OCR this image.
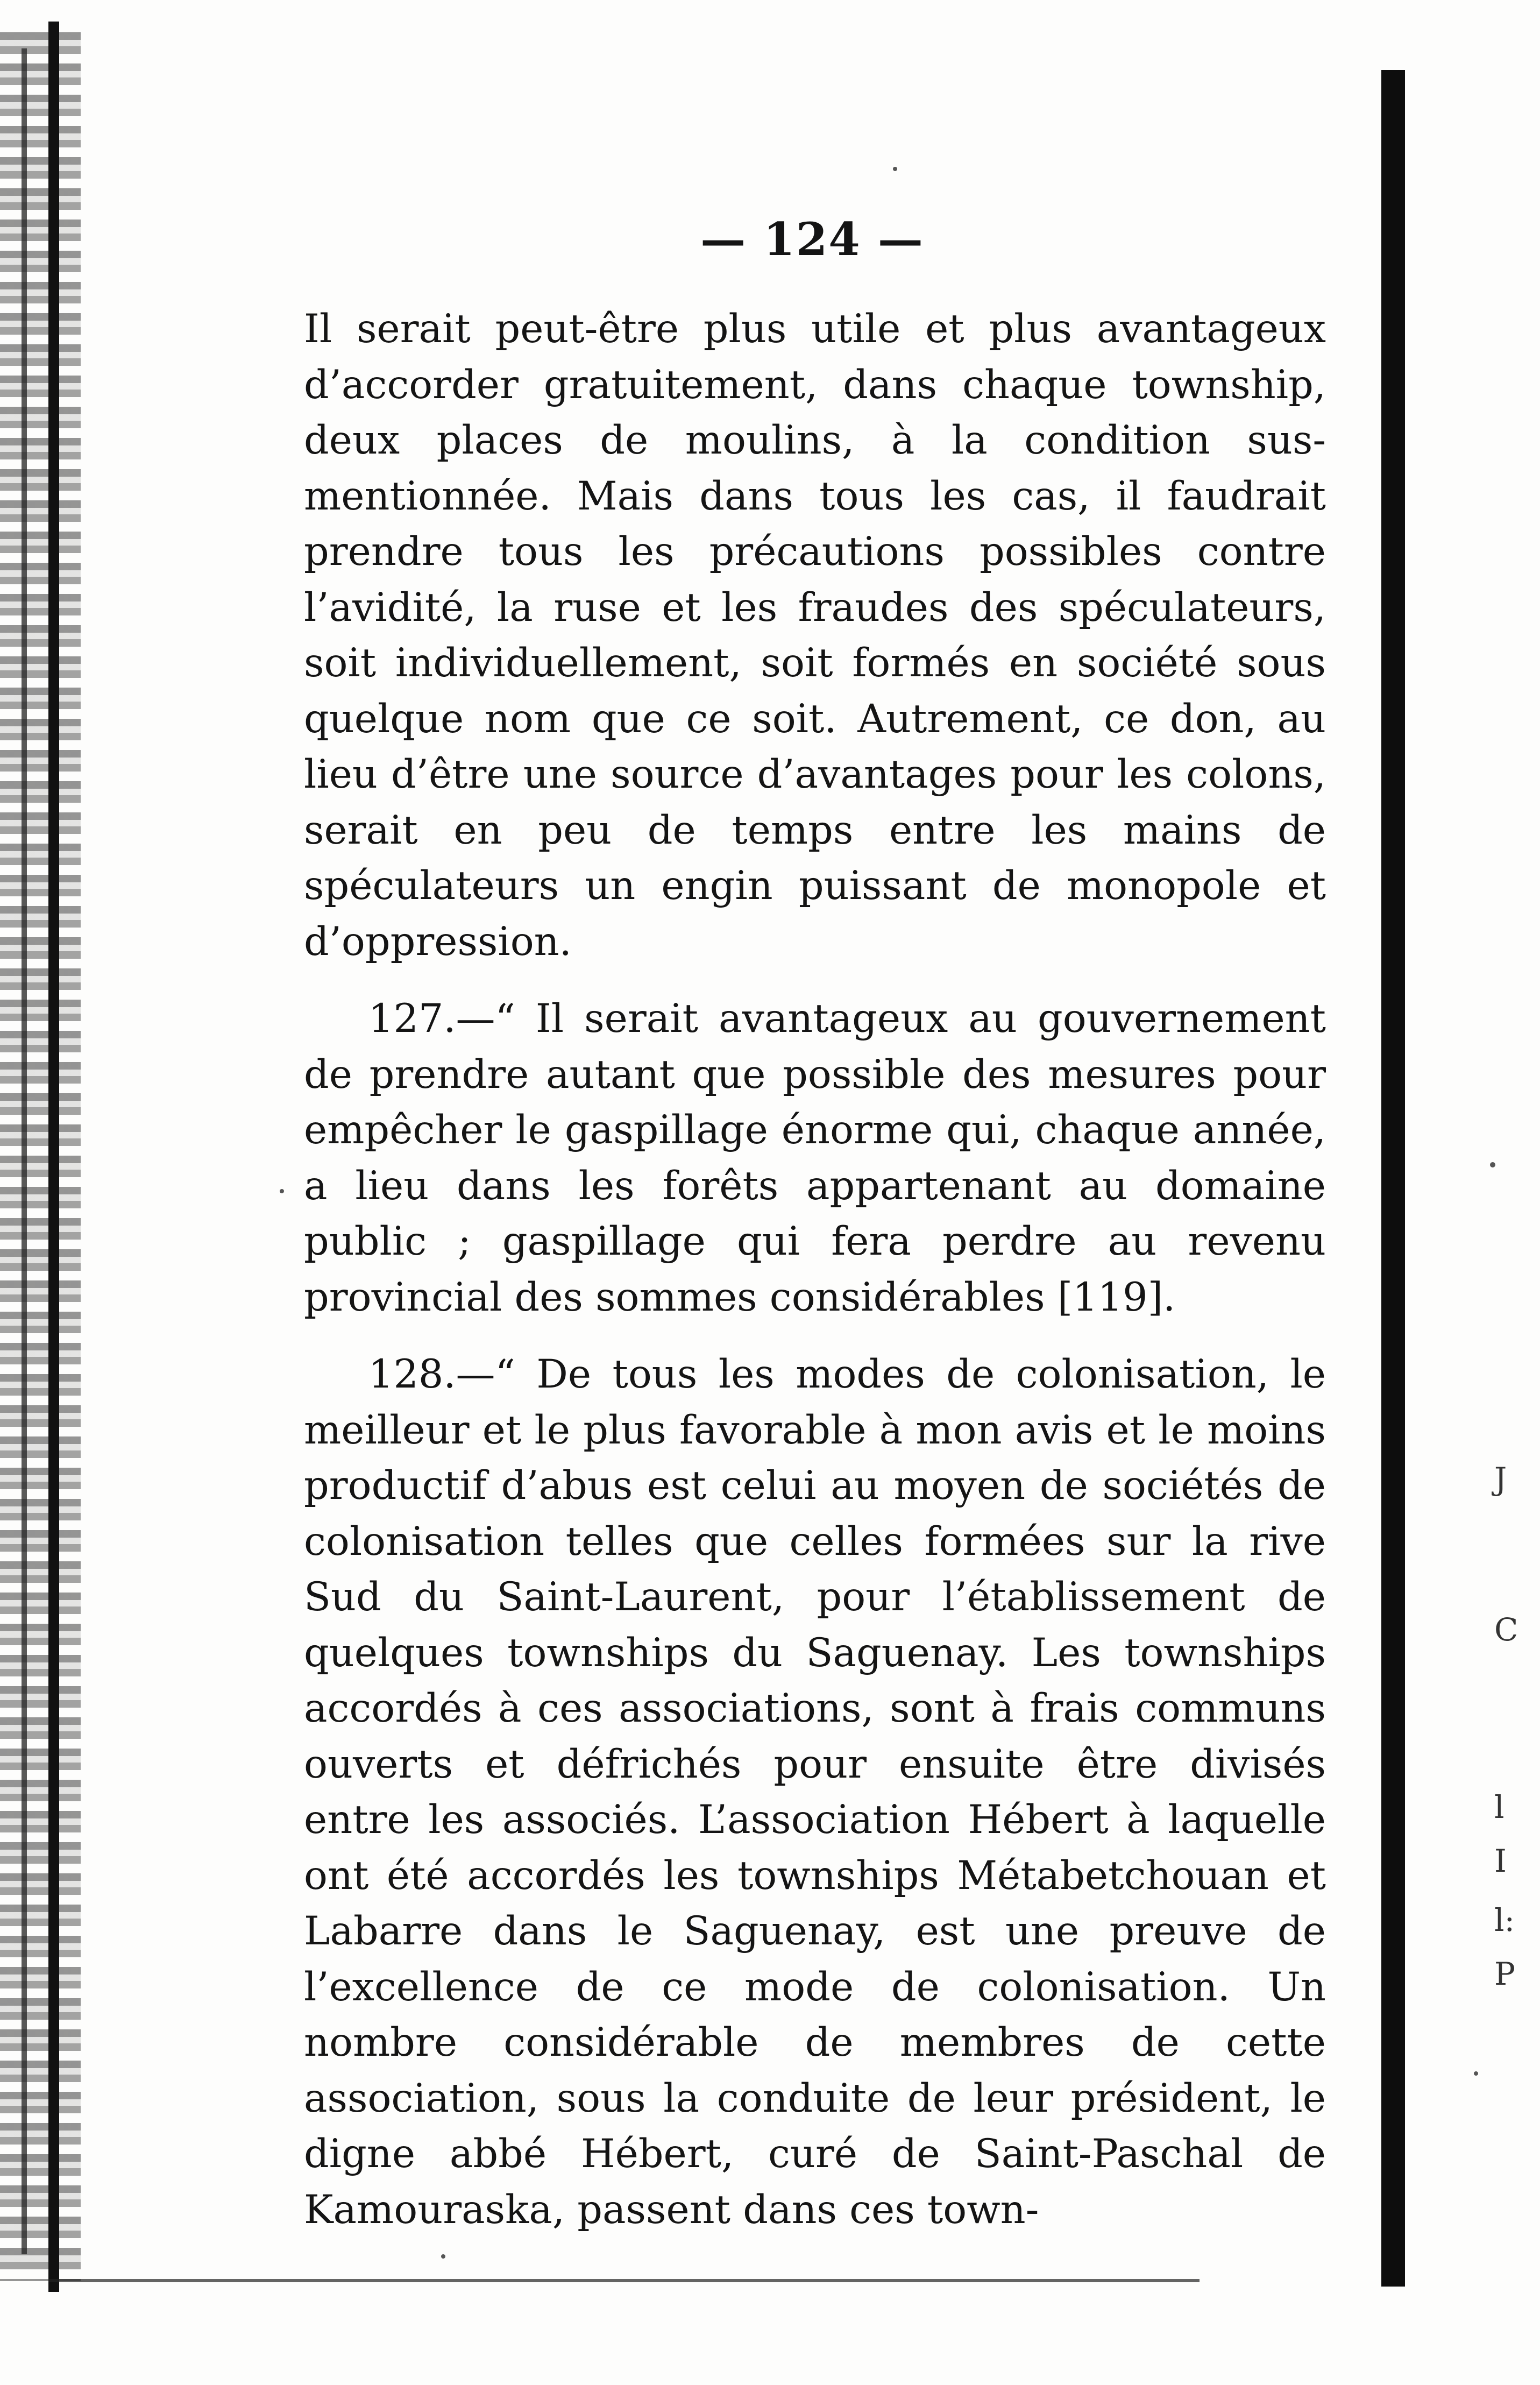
— 124 —

Il serait peut-être plus utile et plus avantageux d’accorder gratuitement, dans chaque township, deux places de moulins, à la condition sus-mentionnée. Mais dans tous les cas, il faudrait prendre tous les précautions possibles contre l’avidité, la ruse et les fraudes des spéculateurs, soit individuellement, soit formés en société sous quelque nom que ce soit. Autrement, ce don, au lieu d’être une source d’avantages pour les colons, serait en peu de temps entre les mains de spéculateurs un engin puissant de monopole et d’oppression.

127.—“ Il serait avantageux au gouvernement de prendre autant que possible des mesures pour empêcher le gaspillage énorme qui, chaque année, a lieu dans les forêts appartenant au domaine public ; gaspillage qui fera perdre au revenu provincial des sommes considérables [119].

128.—“ De tous les modes de colonisation, le meilleur et le plus favorable à mon avis et le moins productif d’abus est celui au moyen de sociétés de colonisation telles que celles formées sur la rive Sud du Saint-Laurent, pour l’établissement de quelques townships du Saguenay. Les townships accordés à ces associations, sont à frais communs ouverts et défrichés pour ensuite être divisés entre les associés. L’association Hébert à laquelle ont été accordés les townships Métabetchouan et Labarre dans le Saguenay, est une preuve de l’excellence de ce mode de colonisation. Un nombre considérable de membres de cette association, sous la conduite de leur président, le digne abbé Hébert, curé de Saint-Paschal de Kamouraska, passent dans ces town-

J
C
l
I
l:
P
